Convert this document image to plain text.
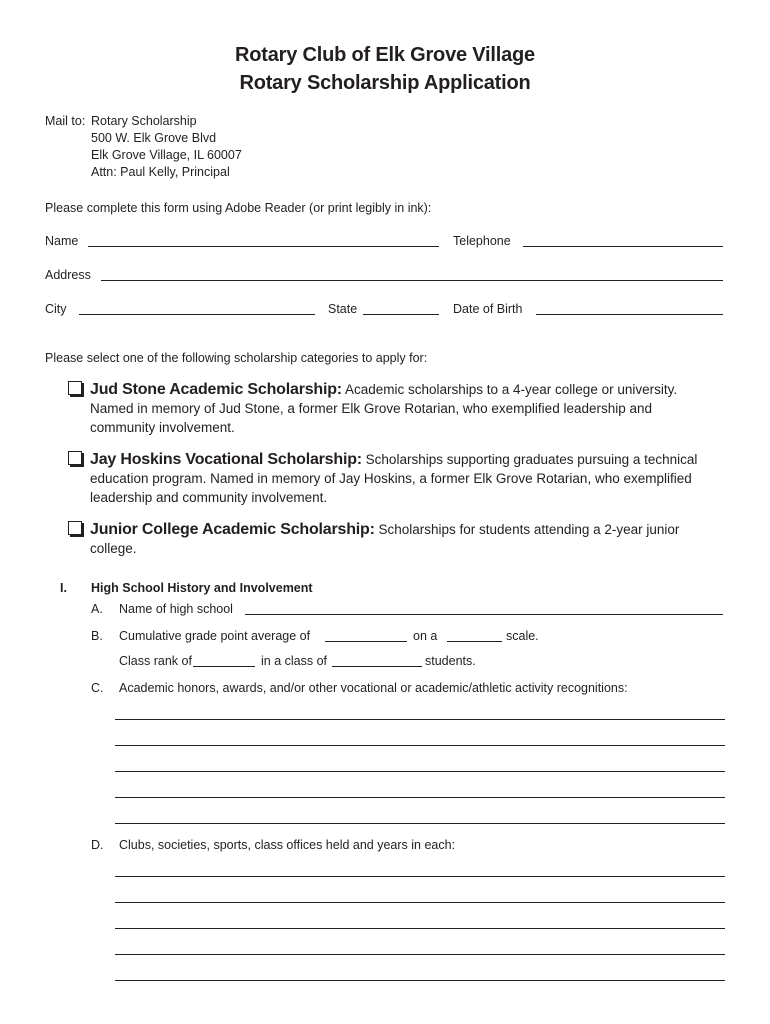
Rotary Club of Elk Grove Village
Rotary Scholarship Application
Mail to: Rotary Scholarship
500 W. Elk Grove Blvd
Elk Grove Village, IL 60007
Attn: Paul Kelly, Principal
Please complete this form using Adobe Reader (or print legibly in ink):
Name	Telephone
Address
City	State	Date of Birth
Please select one of the following scholarship categories to apply for:
Jud Stone Academic Scholarship: Academic scholarships to a 4-year college or university.
Named in memory of Jud Stone, a former Elk Grove Rotarian, who exemplified leadership and
community involvement.
Jay Hoskins Vocational Scholarship: Scholarships supporting graduates pursuing a technical
education program. Named in memory of Jay Hoskins, a former Elk Grove Rotarian, who exemplified
leadership and community involvement.
Junior College Academic Scholarship: Scholarships for students attending a 2-year junior
college.
I. High School History and Involvement
A. Name of high school
B. Cumulative grade point average of	on a	scale.
Class rank of	in a class of	students.
C. Academic honors, awards, and/or other vocational or academic/athletic activity recognitions:
D. Clubs, societies, sports, class offices held and years in each:
